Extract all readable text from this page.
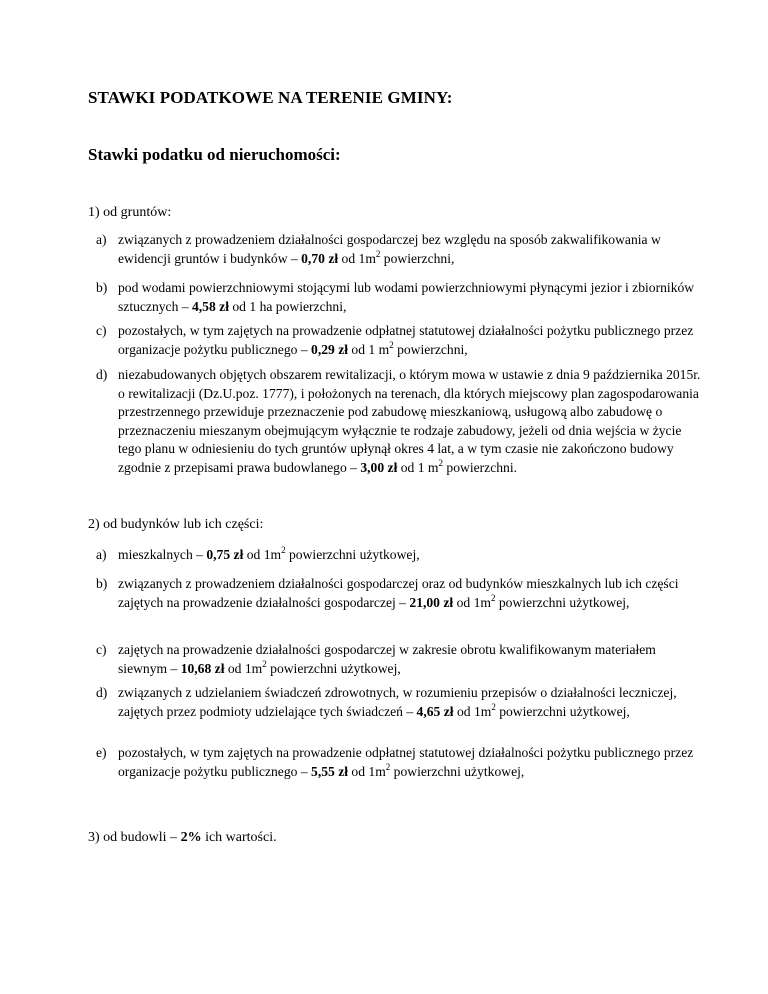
STAWKI PODATKOWE NA TERENIE GMINY:
Stawki podatku od nieruchomości:
1) od gruntów:
a) związanych z prowadzeniem działalności gospodarczej bez względu na sposób zakwalifikowania w ewidencji gruntów i budynków – 0,70 zł od $1m^2$ powierzchni,
b) pod wodami powierzchniowymi stojącymi lub wodami powierzchniowymi płynącymi jezior i zbiorników sztucznych – 4,58 zł od 1 ha powierzchni,
c) pozostałych, w tym zajętych na prowadzenie odpłatnej statutowej działalności pożytku publicznego przez organizacje pożytku publicznego – 0,29 zł od 1 $m^2$ powierzchni,
d) niezabudowanych objętych obszarem rewitalizacji, o którym mowa w ustawie z dnia 9 października 2015r. o rewitalizacji (Dz.U.poz. 1777), i położonych na terenach, dla których miejscowy plan zagospodarowania przestrzennego przewiduje przeznaczenie pod zabudowę mieszkaniową, usługową albo zabudowę o przeznaczeniu mieszanym obejmującym wyłącznie te rodzaje zabudowy, jeżeli od dnia wejścia w życie tego planu w odniesieniu do tych gruntów upłynął okres 4 lat, a w tym czasie nie zakończono budowy zgodnie z przepisami prawa budowlanego – 3,00 zł od 1 $m^2$ powierzchni.
2) od budynków lub ich części:
a) mieszkalnych – 0,75 zł od $1m^2$ powierzchni użytkowej,
b) związanych z prowadzeniem działalności gospodarczej oraz od budynków mieszkalnych lub ich części zajętych na prowadzenie działalności gospodarczej – 21,00 zł od $1m^2$ powierzchni użytkowej,
c) zajętych na prowadzenie działalności gospodarczej w zakresie obrotu kwalifikowanym materiałem siewnym – 10,68 zł od $1m^2$ powierzchni użytkowej,
d) związanych z udzielaniem świadczeń zdrowotnych, w rozumieniu przepisów o działalności leczniczej, zajętych przez podmioty udzielające tych świadczeń – 4,65 zł od $1m^2$ powierzchni użytkowej,
e) pozostałych, w tym zajętych na prowadzenie odpłatnej statutowej działalności pożytku publicznego przez organizacje pożytku publicznego – 5,55 zł od $1m^2$ powierzchni użytkowej,
3) od budowli – 2% ich wartości.
